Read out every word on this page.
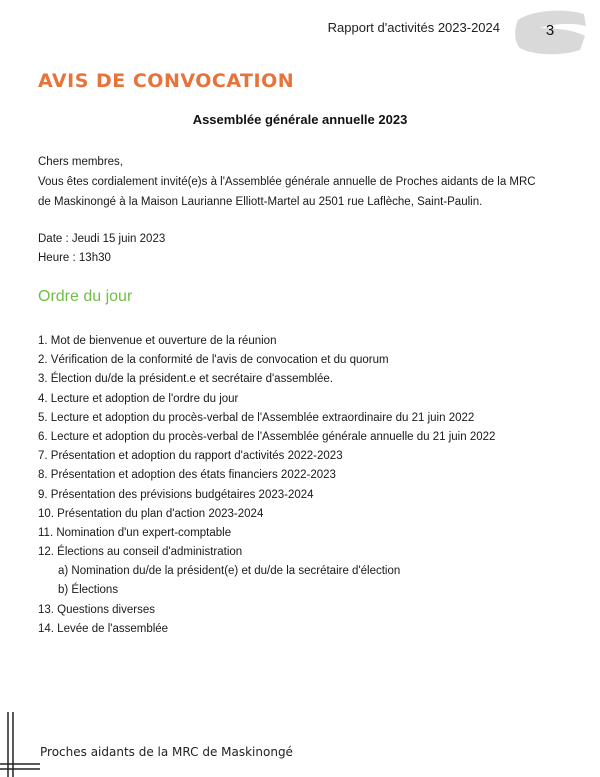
Rapport d'activités 2023-2024	3
AVIS DE CONVOCATION
Assemblée générale annuelle 2023

Chers membres,

Vous êtes cordialement invité(e)s à l'Assemblée générale annuelle de Proches aidants de la MRC

de Maskinongé à la Maison Laurianne Elliott-Martel au 2501 rue Laflèche, Saint-Paulin.

Date : Jeudi 15 juin 2023

Heure : 13h30

Ordre du jour
1. Mot de bienvenue et ouverture de la réunion
2. Vérification de la conformité de l'avis de convocation et du quorum
3. Élection du/de la président.e et secrétaire d'assemblée.
4. Lecture et adoption de l'ordre du jour
5. Lecture et adoption du procès-verbal de l'Assemblée extraordinaire du 21 juin 2022
6. Lecture et adoption du procès-verbal de l'Assemblée générale annuelle du 21 juin 2022
7. Présentation et adoption du rapport d'activités 2022-2023
8. Présentation et adoption des états financiers 2022-2023
9. Présentation des prévisions budgétaires 2023-2024
10. Présentation du plan d'action 2023-2024
11. Nomination d'un expert-comptable
12. Élections au conseil d'administration
a) Nomination du/de la président(e) et du/de la secrétaire d'élection
b) Élections
13. Questions diverses
14. Levée de l'assemblée
Proches aidants de la MRC de Maskinongé
